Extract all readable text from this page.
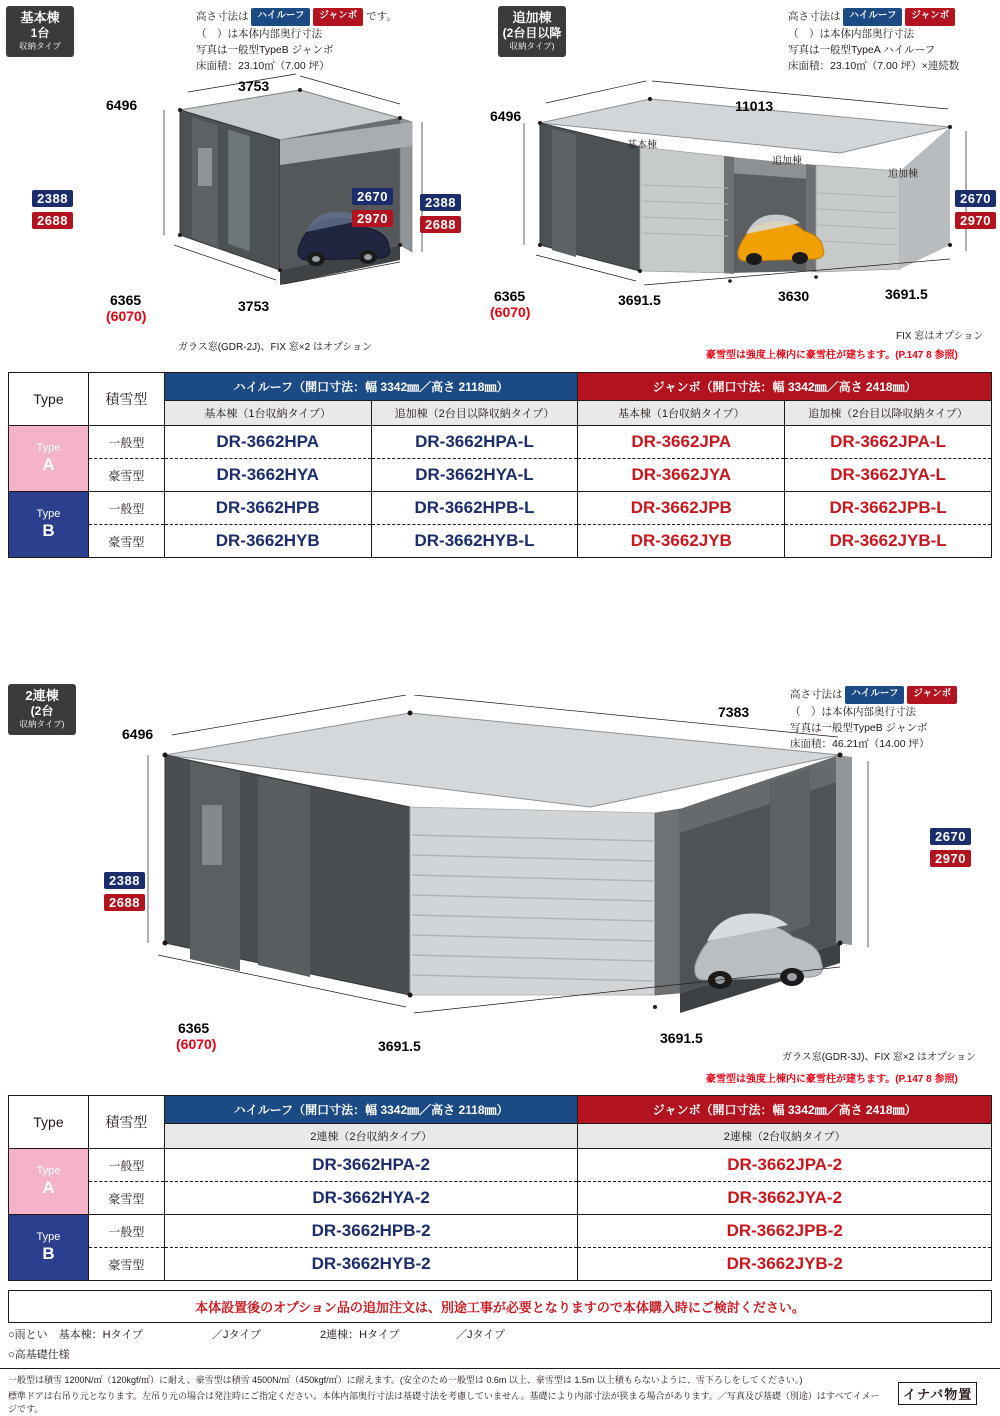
基本棟
1台
収納タイプ
高さ寸法は ハイルーフ ジャンボ です。
（　）は本体内部奥行寸法
写真は一般型TypeB ジャンボ
床面積：23.10㎡（7.00 坪）
3753
6496
2388
2688
2670
2970
6365
(6070)
3753
ガラス窓(GDR-2J)、FIX 窓×2 はオプション
追加棟
(2台目以降
収納タイプ)
高さ寸法は ハイルーフ ジャンボ
（　）は本体内部奥行寸法
写真は一般型TypeA ハイルーフ
床面積：23.10㎡（7.00 坪）×連続数
11013
6496
基本棟
追加棟
追加棟
2388
2688
2670
2970
6365
(6070)
3691.5	3630	3691.5
FIX 窓はオプション
豪雪型は強度上棟内に豪雪柱が建ちます。(P.147 8 参照)
Type	積雪型	ハイルーフ（開口寸法：幅 3342㎜／高さ 2118㎜）		ジャンボ（開口寸法：幅 3342㎜／高さ 2418㎜）	
		基本棟（1台収納タイプ）	追加棟（2台目以降収納タイプ）	基本棟（1台収納タイプ）	追加棟（2台目以降収納タイプ）

Type
A	一般型	DR-3662HPA	DR-3662HPA-L	DR-3662JPA	DR-3662JPA-L
	豪雪型	DR-3662HYA	DR-3662HYA-L	DR-3662JYA	DR-3662JYA-L

Type
B	一般型	DR-3662HPB	DR-3662HPB-L	DR-3662JPB	DR-3662JPB-L
	豪雪型	DR-3662HYB	DR-3662HYB-L	DR-3662JYB	DR-3662JYB-L
2連棟
(2台
収納タイプ)
高さ寸法は ハイルーフ ジャンボ
（　）は本体内部奥行寸法
写真は一般型TypeB ジャンボ
床面積：46.21㎡（14.00 坪）
7383
6496
2388
2688
2670
2970
6365
(6070)	3691.5	3691.5
ガラス窓(GDR-3J)、FIX 窓×2 はオプション
豪雪型は強度上棟内に豪雪柱が建ちます。(P.147 8 参照)
Type	積雪型	ハイルーフ（開口寸法：幅 3342㎜／高さ 2118㎜）	ジャンボ（開口寸法：幅 3342㎜／高さ 2418㎜）
		2連棟（2台収納タイプ）	2連棟（2台収納タイプ）

Type
A	一般型	DR-3662HPA-2	DR-3662JPA-2
	豪雪型	DR-3662HYA-2	DR-3662JYA-2

Type
B	一般型	DR-3662HPB-2	DR-3662JPB-2
	豪雪型	DR-3662HYB-2	DR-3662JYB-2
本体設置後のオプション品の追加注文は、別途工事が必要となりますので本体購入時にご検討ください。
○雨とい　基本棟：Hタイプ	／Jタイプ	2連棟：Hタイプ	／Jタイプ
○高基礎仕様
一般型は積雪 1200N/㎡（120kgf/㎡）に耐え、豪雪型は積雪 4500N/㎡（450kgf/㎡）に耐えます。(安全のため一般型は 0.6m 以上、豪雪型は 1.5m 以上積もらないように、雪下ろしをしてください。)
標準ドアは右吊り元となります。左吊り元の場合は発注時にご指定ください。本体内部奥行寸法は基礎寸法を考慮していません。基礎により内部寸法が狭まる場合があります。／写真及び基礎（別途）はすべてイメージです。
イナバ物置
